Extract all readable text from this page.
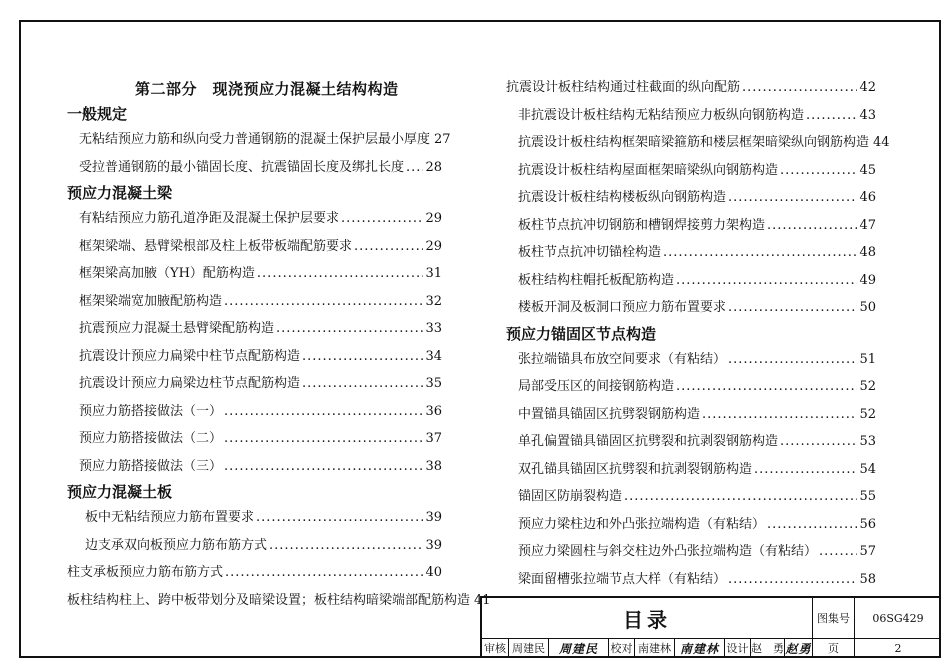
第二部分　现浇预应力混凝土结构构造
一般规定
无粘结预应力筋和纵向受力普通钢筋的混凝土保护层最小厚度 27
受拉普通钢筋的最小锚固长度、抗震锚固长度及绑扎长度 ..... 28
预应力混凝土梁
有粘结预应力筋孔道净距及混凝土保护层要求 .....	29
框架梁端、悬臂梁根部及柱上板带板端配筋要求 .....	29
框架梁高加腋（YH）配筋构造 .....	31
框架梁端宽加腋配筋构造 .....	32
抗震预应力混凝土悬臂梁配筋构造 .....	33
抗震设计预应力扁梁中柱节点配筋构造 .....	34
抗震设计预应力扁梁边柱节点配筋构造 .....	35
预应力筋搭接做法（一） .....	36
预应力筋搭接做法（二） .....	37
预应力筋搭接做法（三） .....	38
预应力混凝土板
板中无粘结预应力筋布置要求 .....	39
边支承双向板预应力筋布筋方式 .....	39
柱支承板预应力筋布筋方式 .....	40
板柱结构柱上、跨中板带划分及暗梁设置；板柱结构暗梁端部配筋构造 41
抗震设计板柱结构通过柱截面的纵向配筋 .....	42
非抗震设计板柱结构无粘结预应力板纵向钢筋构造 .....	43
抗震设计板柱结构框架暗梁箍筋和楼层框架暗梁纵向钢筋构造 44
抗震设计板柱结构屋面框架暗梁纵向钢筋构造 .....	45
抗震设计板柱结构楼板纵向钢筋构造 .....	46
板柱节点抗冲切钢筋和槽钢焊接剪力架构造 .....	47
板柱节点抗冲切锚栓构造 .....	48
板柱结构柱帽托板配筋构造 .....	49
楼板开洞及板洞口预应力筋布置要求 .....	50
预应力锚固区节点构造
张拉端锚具布放空间要求（有粘结） .....	51
局部受压区的间接钢筋构造 .....	52
中置锚具锚固区抗劈裂钢筋构造 .....	52
单孔偏置锚具锚固区抗劈裂和抗剥裂钢筋构造 .....	53
双孔锚具锚固区抗劈裂和抗剥裂钢筋构造 .....	54
锚固区防崩裂构造 .....	55
预应力梁柱边和外凸张拉端构造（有粘结） .....	56
预应力梁圆柱与斜交柱边外凸张拉端构造（有粘结） .....	57
梁面留槽张拉端节点大样（有粘结） .....	58
目录	图集号 06SG429
审核 周建民 周建民 校对 南建林 南建林 设计 赵　勇 赵勇 页	2
